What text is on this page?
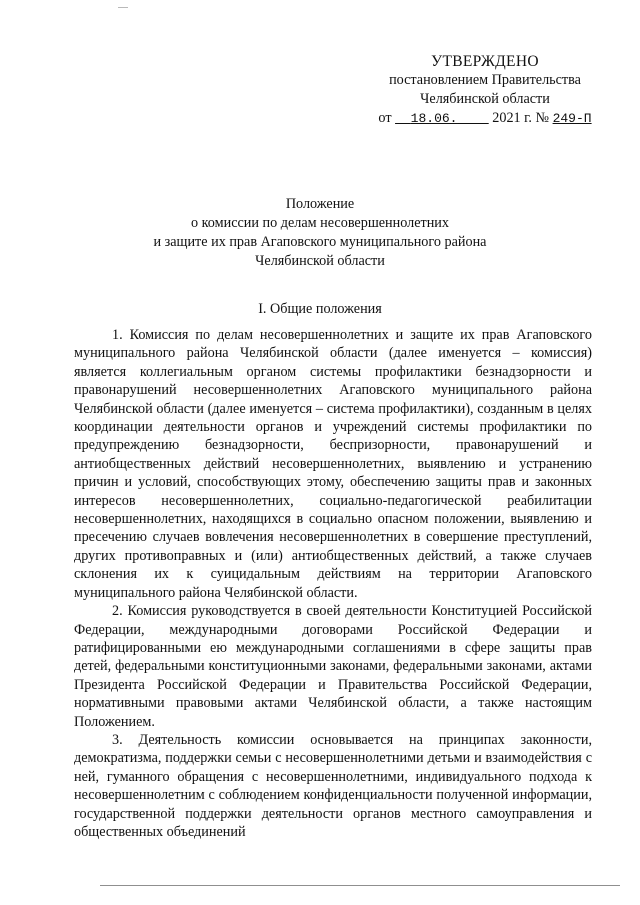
УТВЕРЖДЕНО
постановлением Правительства
Челябинской области
от 18.06. 2021 г. № 249-П
Положение
о комиссии по делам несовершеннолетних
и защите их прав Агаповского муниципального района
Челябинской области
I. Общие положения

1. Комиссия по делам несовершеннолетних и защите их прав Агаповского муниципального района Челябинской области (далее именуется – комиссия) является коллегиальным органом системы профилактики безнадзорности и правонарушений несовершеннолетних Агаповского муниципального района Челябинской области (далее именуется – система профилактики), созданным в целях координации деятельности органов и учреждений системы профилактики по предупреждению безнадзорности, беспризорности, правонарушений и антиобщественных действий несовершеннолетних, выявлению и устранению причин и условий, способствующих этому, обеспечению защиты прав и законных интересов несовершеннолетних, социально-педагогической реабилитации несовершеннолетних, находящихся в социально опасном положении, выявлению и пресечению случаев вовлечения несовершеннолетних в совершение преступлений, других противоправных и (или) антиобщественных действий, а также случаев склонения их к суицидальным действиям на территории Агаповского муниципального района Челябинской области.

2. Комиссия руководствуется в своей деятельности Конституцией Российской Федерации, международными договорами Российской Федерации и ратифицированными ею международными соглашениями в сфере защиты прав детей, федеральными конституционными законами, федеральными законами, актами Президента Российской Федерации и Правительства Российской Федерации, нормативными правовыми актами Челябинской области, а также настоящим Положением.

3. Деятельность комиссии основывается на принципах законности, демократизма, поддержки семьи с несовершеннолетними детьми и взаимодействия с ней, гуманного обращения с несовершеннолетними, индивидуального подхода к несовершеннолетним с соблюдением конфиденциальности полученной информации, государственной поддержки деятельности органов местного самоуправления и общественных объединений
